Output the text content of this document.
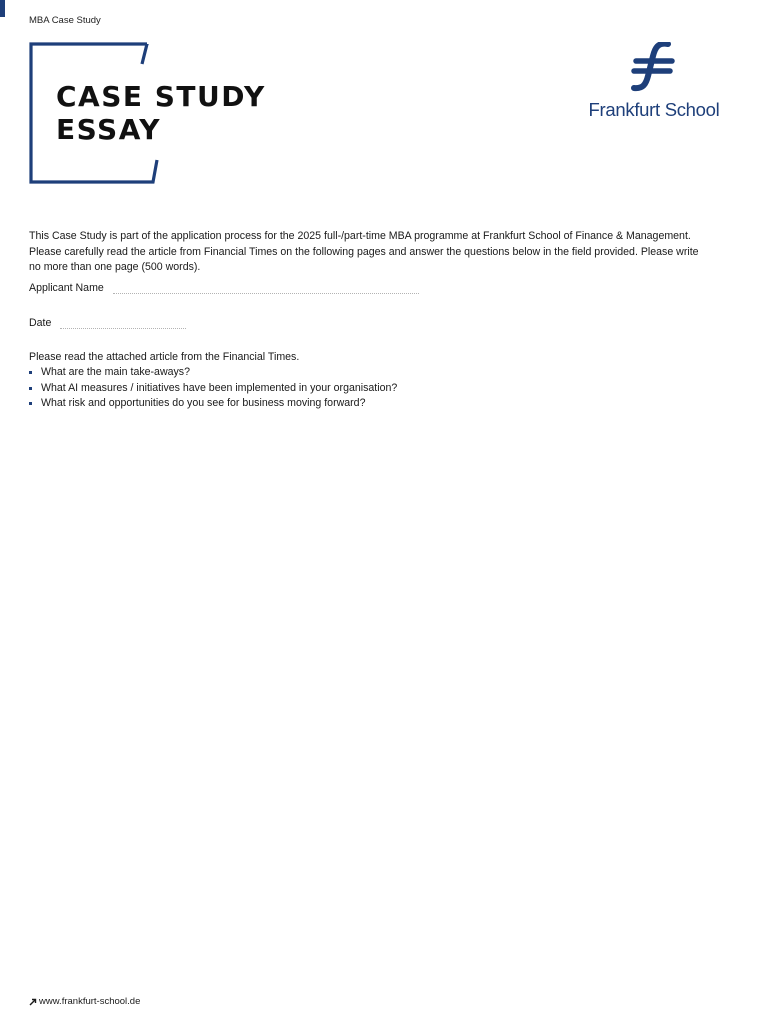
MBA Case Study
CASE STUDY
ESSAY
Frankfurt School

This Case Study is part of the application process for the 2025 full-/part-time MBA programme at Frankfurt School of Finance & Management. Please carefully read the article from Financial Times on the following pages and answer the questions below in the field provided. Please write no more than one page (500 words).

Applicant Name
Date

Please read the attached article from the Financial Times.

What are the main take-aways?
What AI measures / initiatives have been implemented in your organisation?
What risk and opportunities do you see for business moving forward?
www.frankfurt-school.de
